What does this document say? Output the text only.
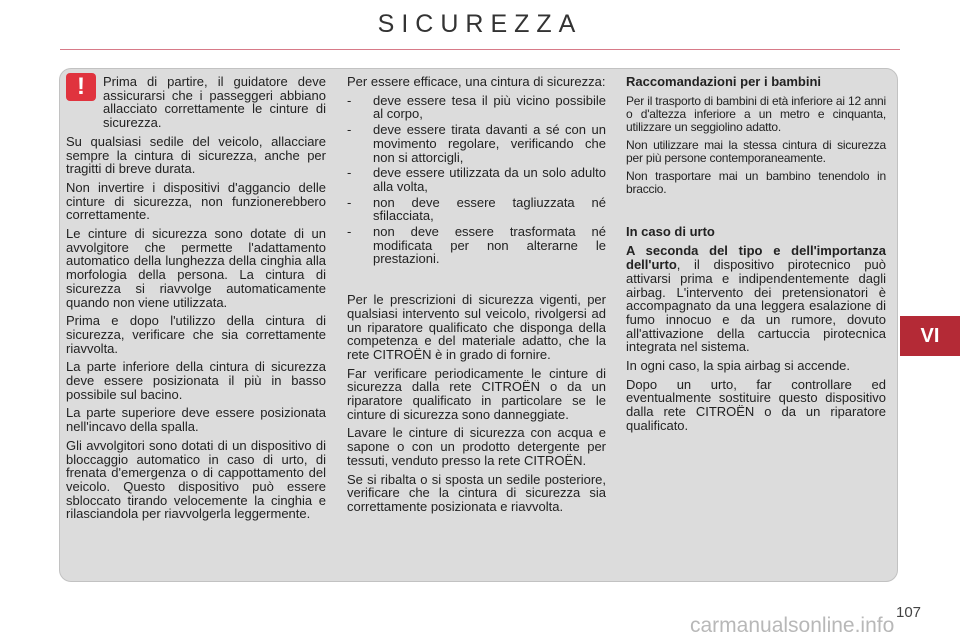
SICUREZZA
!	Prima di partire, il guidatore deve assicurarsi che i passeggeri abbiano allacciato correttamente le cinture di sicurezza.

Su qualsiasi sedile del veicolo, allacciare sempre la cintura di sicurezza, anche per tragitti di breve durata.

Non invertire i dispositivi d'aggancio delle cinture di sicurezza, non funzionerebbero correttamente.

Le cinture di sicurezza sono dotate di un avvolgitore che permette l'adattamento automatico della lunghezza della cinghia alla morfologia della persona. La cintura di sicurezza si riavvolge automaticamente quando non viene utilizzata.

Prima e dopo l'utilizzo della cintura di sicurezza, verificare che sia correttamente riavvolta.

La parte inferiore della cintura di sicurezza deve essere posizionata il più in basso possibile sul bacino.

La parte superiore deve essere posizionata nell'incavo della spalla.

Gli avvolgitori sono dotati di un dispositivo di bloccaggio automatico in caso di urto, di frenata d'emergenza o di cappottamento del veicolo. Questo dispositivo può essere sbloccato tirando velocemente la cinghia e rilasciandola per riavvolgerla leggermente.

Per essere efficace, una cintura di sicurezza:

- deve essere tesa il più vicino possibile al corpo,
- deve essere tirata davanti a sé con un movimento regolare, verificando che non si attorcigli,
- deve essere utilizzata da un solo adulto alla volta,
- non deve essere tagliuzzata né sfilacciata,
- non deve essere trasformata né modificata per non alterarne le prestazioni.

Per le prescrizioni di sicurezza vigenti, per qualsiasi intervento sul veicolo, rivolgersi ad un riparatore qualificato che disponga della competenza e del materiale adatto, che la rete CITROËN è in grado di fornire.

Far verificare periodicamente le cinture di sicurezza dalla rete CITROËN o da un riparatore qualificato in particolare se le cinture di sicurezza sono danneggiate.

Lavare le cinture di sicurezza con acqua e sapone o con un prodotto detergente per tessuti, venduto presso la rete CITROËN.

Se si ribalta o si sposta un sedile posteriore, verificare che la cintura di sicurezza sia correttamente posizionata e riavvolta.

Raccomandazioni per i bambini

Per il trasporto di bambini di età inferiore ai 12 anni o d'altezza inferiore a un metro e cinquanta, utilizzare un seggiolino adatto.

Non utilizzare mai la stessa cintura di sicurezza per più persone contemporaneamente.

Non trasportare mai un bambino tenendolo in braccio.

In caso di urto

A seconda del tipo e dell'importanza dell'urto, il dispositivo pirotecnico può attivarsi prima e indipendentemente dagli airbag. L'intervento dei pretensionatori è accompagnato da una leggera esalazione di fumo innocuo e da un rumore, dovuto all'attivazione della cartuccia pirotecnica integrata nel sistema.

In ogni caso, la spia airbag si accende.

Dopo un urto, far controllare ed eventualmente sostituire questo dispositivo dalla rete CITROËN o da un riparatore qualificato.

VI
carmanualsonline.info
107
